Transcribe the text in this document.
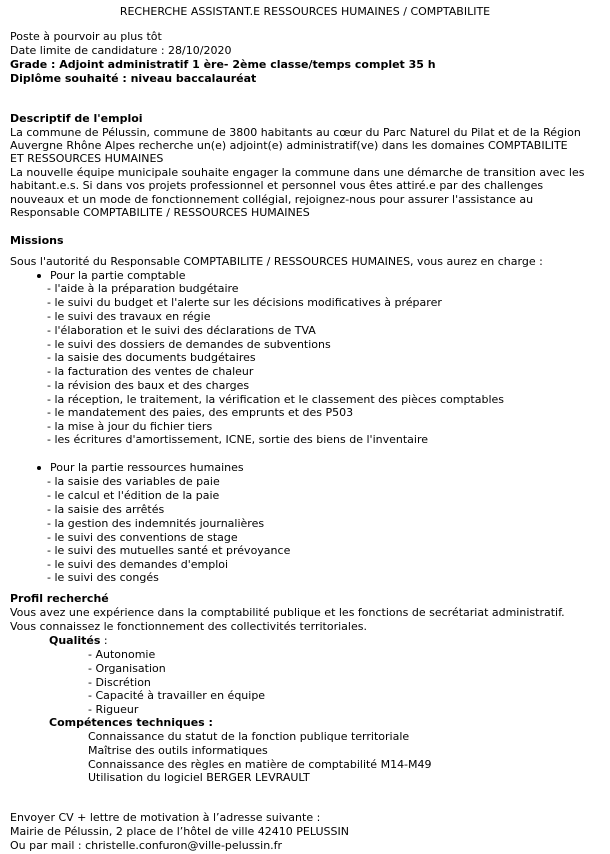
RECHERCHE ASSISTANT.E RESSOURCES HUMAINES / COMPTABILITE
Poste à pourvoir au plus tôt
Date limite de candidature : 28/10/2020
Grade : Adjoint administratif 1 ère- 2ème classe/temps complet 35 h
Diplôme souhaité : niveau baccalauréat
Descriptif de l'emploi
La commune de Pélussin, commune de 3800 habitants au cœur du Parc Naturel du Pilat et de la Région
Auvergne Rhône Alpes recherche un(e) adjoint(e) administratif(ve) dans les domaines COMPTABILITE
ET RESSOURCES HUMAINES
La nouvelle équipe municipale souhaite engager la commune dans une démarche de transition avec les
habitant.e.s. Si dans vos projets professionnel et personnel vous êtes attiré.e par des challenges
nouveaux et un mode de fonctionnement collégial, rejoignez-nous pour assurer l'assistance au
Responsable COMPTABILITE / RESSOURCES HUMAINES
Missions
Sous l'autorité du Responsable COMPTABILITE / RESSOURCES HUMAINES, vous aurez en charge :
Pour la partie comptable
- l'aide à la préparation budgétaire
- le suivi du budget et l'alerte sur les décisions modificatives à préparer
- le suivi des travaux en régie
- l'élaboration et le suivi des déclarations de TVA
- le suivi des dossiers de demandes de subventions
- la saisie des documents budgétaires
- la facturation des ventes de chaleur
- la révision des baux et des charges
- la réception, le traitement, la vérification et le classement des pièces comptables
- le mandatement des paies, des emprunts et des P503
- la mise à jour du fichier tiers
- les écritures d'amortissement, ICNE, sortie des biens de l'inventaire
Pour la partie ressources humaines
- la saisie des variables de paie
- le calcul et l'édition de la paie
- la saisie des arrêtés
- la gestion des indemnités journalières
- le suivi des conventions de stage
- le suivi des mutuelles santé et prévoyance
- le suivi des demandes d'emploi
- le suivi des congés
Profil recherché
Vous avez une expérience dans la comptabilité publique et les fonctions de secrétariat administratif.
Vous connaissez le fonctionnement des collectivités territoriales.
Qualités :
- Autonomie
- Organisation
- Discrétion
- Capacité à travailler en équipe
- Rigueur
Compétences techniques :
Connaissance du statut de la fonction publique territoriale
Maîtrise des outils informatiques
Connaissance des règles en matière de comptabilité M14-M49
Utilisation du logiciel BERGER LEVRAULT
Envoyer CV + lettre de motivation à l’adresse suivante :
Mairie de Pélussin, 2 place de l’hôtel de ville 42410 PELUSSIN
Ou par mail : christelle.confuron@ville-pelussin.fr
